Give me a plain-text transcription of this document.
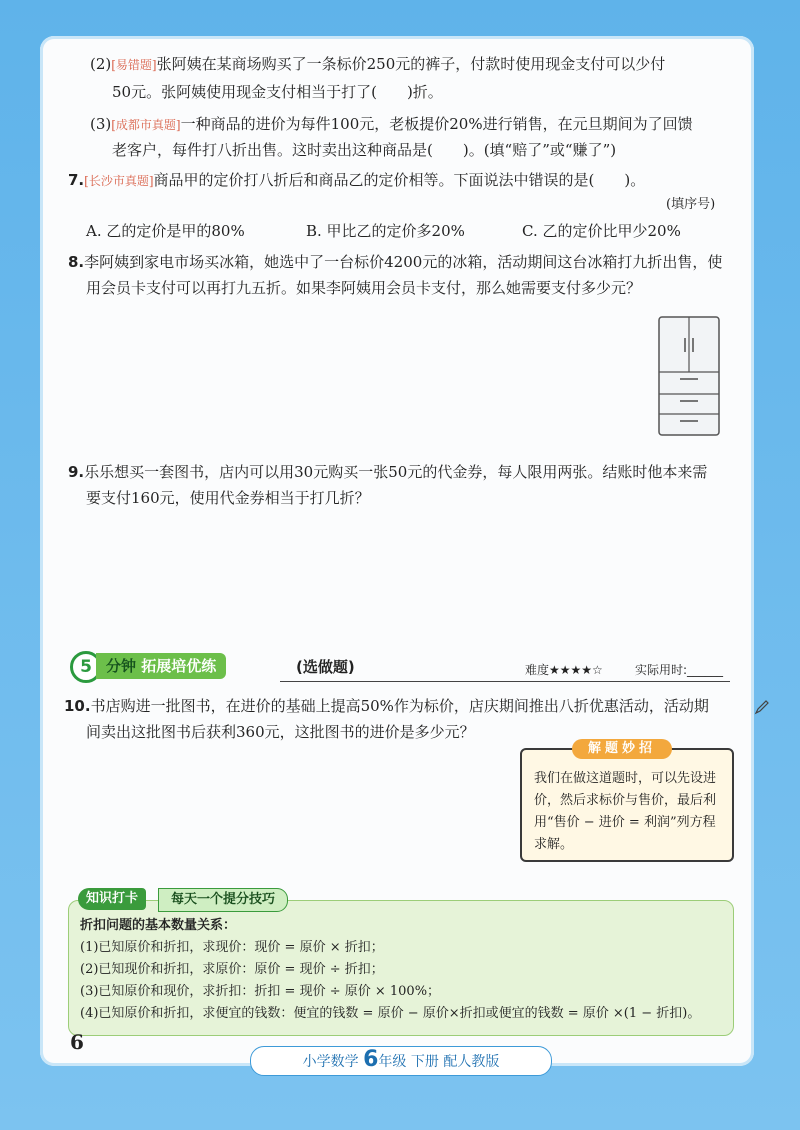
(2)[易错题]张阿姨在某商场购买了一条标价250元的裤子，付款时使用现金支付可以少付
50元。张阿姨使用现金支付相当于打了(　　)折。
(3)[成都市真题]一种商品的进价为每件100元，老板提价20%进行销售，在元旦期间为了回馈
老客户，每件打八折出售。这时卖出这种商品是(　　)。(填“赔了”或“赚了”)
7.[长沙市真题]商品甲的定价打八折后和商品乙的定价相等。下面说法中错误的是(　　)。
(填序号)
A. 乙的定价是甲的80%	B. 甲比乙的定价多20%	C. 乙的定价比甲少20%
8.李阿姨到家电市场买冰箱，她选中了一台标价4200元的冰箱，活动期间这台冰箱打九折出售，使
用会员卡支付可以再打九五折。如果李阿姨用会员卡支付，那么她需要支付多少元？
9.乐乐想买一套图书，店内可以用30元购买一张50元的代金券，每人限用两张。结账时他本来需
要支付160元，使用代金券相当于打几折？
5 分钟 拓展培优练	(选做题)	难度★★★★☆	实际用时:______
10.书店购进一批图书，在进价的基础上提高50%作为标价，店庆期间推出八折优惠活动，活动期
间卖出这批图书后获利360元，这批图书的进价是多少元？
解题妙招
我们在做这道题时，可以先设进价，然后求标价与售价，最后利用“售价 − 进价 = 利润”列方程求解。
知识打卡	每天一个提分技巧
折扣问题的基本数量关系：
(1)已知原价和折扣，求现价：现价 = 原价 × 折扣；
(2)已知现价和折扣，求原价：原价 = 现价 ÷ 折扣；
(3)已知原价和现价，求折扣：折扣 = 现价 ÷ 原价 × 100%；
(4)已知原价和折扣，求便宜的钱数：便宜的钱数 = 原价 − 原价×折扣或便宜的钱数 = 原价 ×(1 − 折扣)。
6
小学数学 6年级 下册 配人教版
